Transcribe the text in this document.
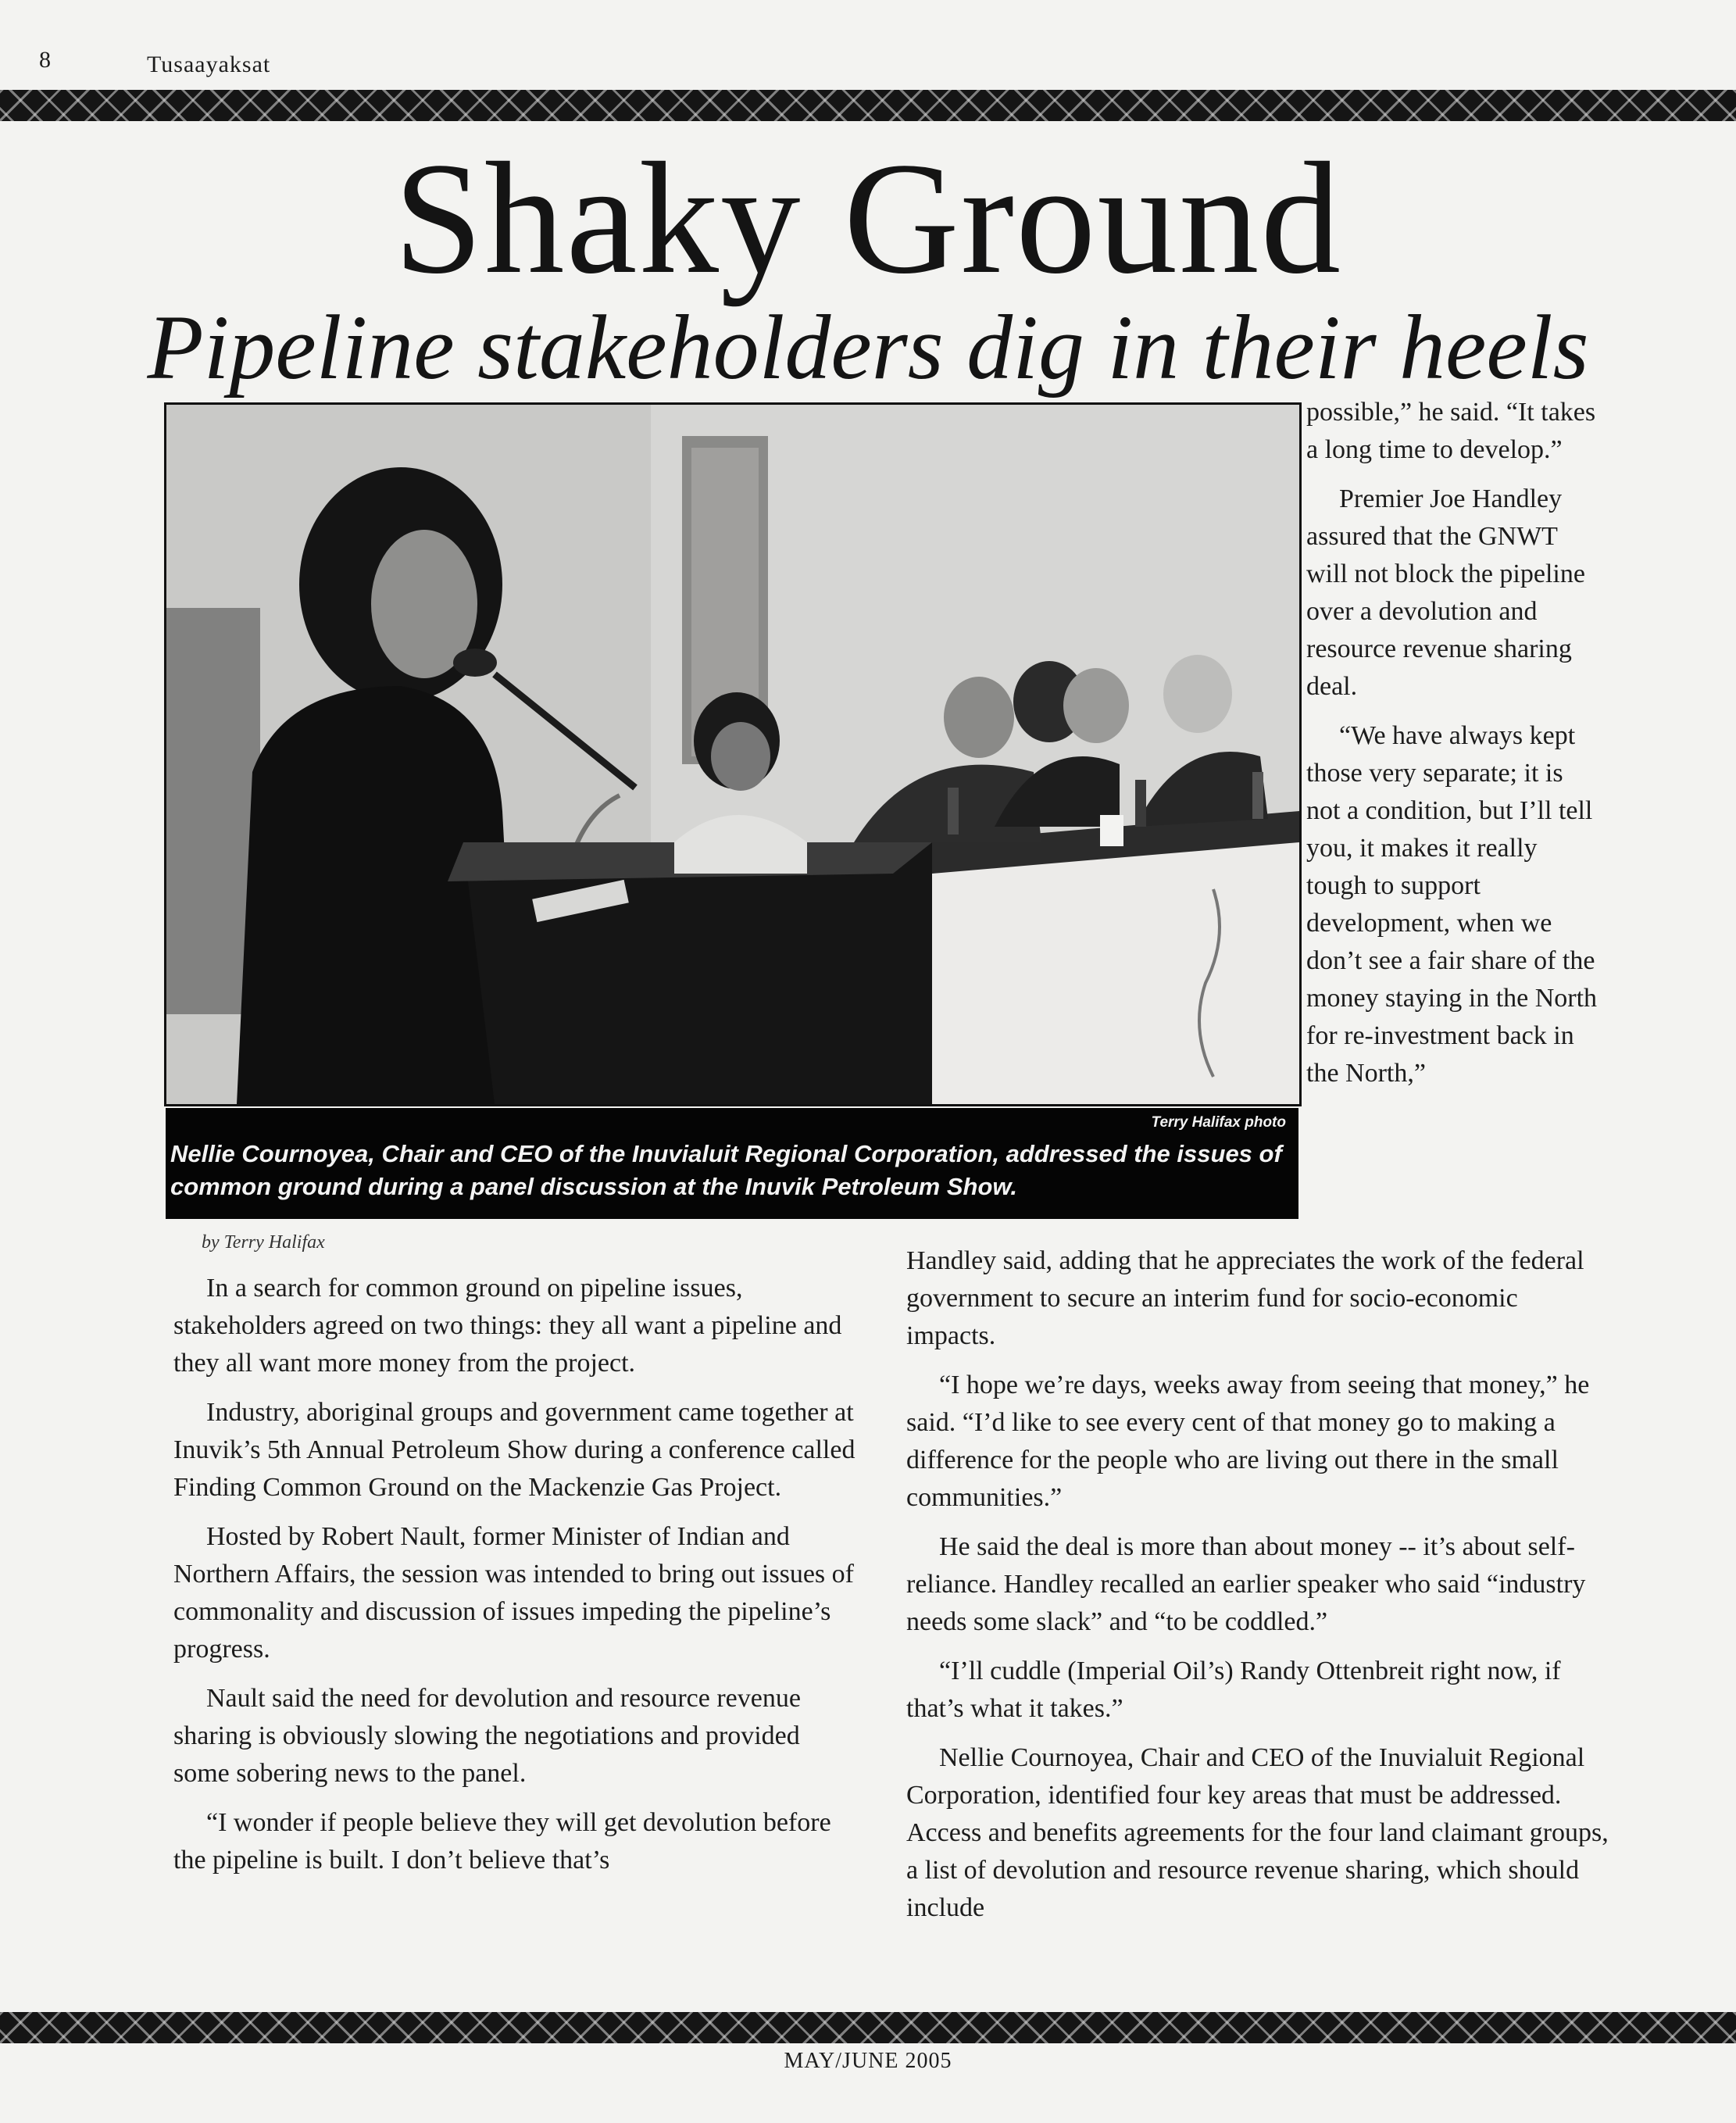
8	Tusaayaksat
Shaky Ground
Pipeline stakeholders dig in their heels
Terry Halifax photo
Nellie Cournoyea, Chair and CEO of the Inuvialuit Regional Corporation, addressed the issues of common ground during a panel discussion at the Inuvik Petroleum Show.
by Terry Halifax

In a search for common ground on pipeline issues, stakeholders agreed on two things: they all want a pipeline and they all want more money from the project.

Industry, aboriginal groups and government came together at Inuvik’s 5th Annual Petroleum Show during a conference called Finding Common Ground on the Mackenzie Gas Project.

Hosted by Robert Nault, former Minister of Indian and Northern Affairs, the session was intended to bring out issues of commonality and discussion of issues impeding the pipeline’s progress.

Nault said the need for devolution and resource revenue sharing is obviously slowing the negotiations and provided some sobering news to the panel.

“I wonder if people believe they will get devolution before the pipeline is built. I don’t believe that’s

possible,” he said. “It takes a long time to develop.”

Premier Joe Handley assured that the GNWT will not block the pipeline over a devolution and resource revenue sharing deal.

“We have always kept those very separate; it is not a condition, but I’ll tell you, it makes it really tough to support development, when we don’t see a fair share of the money staying in the North for re-investment back in the North,”

Handley said, adding that he appreciates the work of the federal government to secure an interim fund for socio-economic impacts.

“I hope we’re days, weeks away from seeing that money,” he said. “I’d like to see every cent of that money go to making a difference for the people who are living out there in the small communities.”

He said the deal is more than about money -- it’s about self-reliance. Handley recalled an earlier speaker who said “industry needs some slack” and “to be coddled.”

“I’ll cuddle (Imperial Oil’s) Randy Ottenbreit right now, if that’s what it takes.”

Nellie Cournoyea, Chair and CEO of the Inuvialuit Regional Corporation, identified four key areas that must be addressed. Access and benefits agreements for the four land claimant groups, a list of devolution and resource revenue sharing, which should include

MAY/JUNE 2005
